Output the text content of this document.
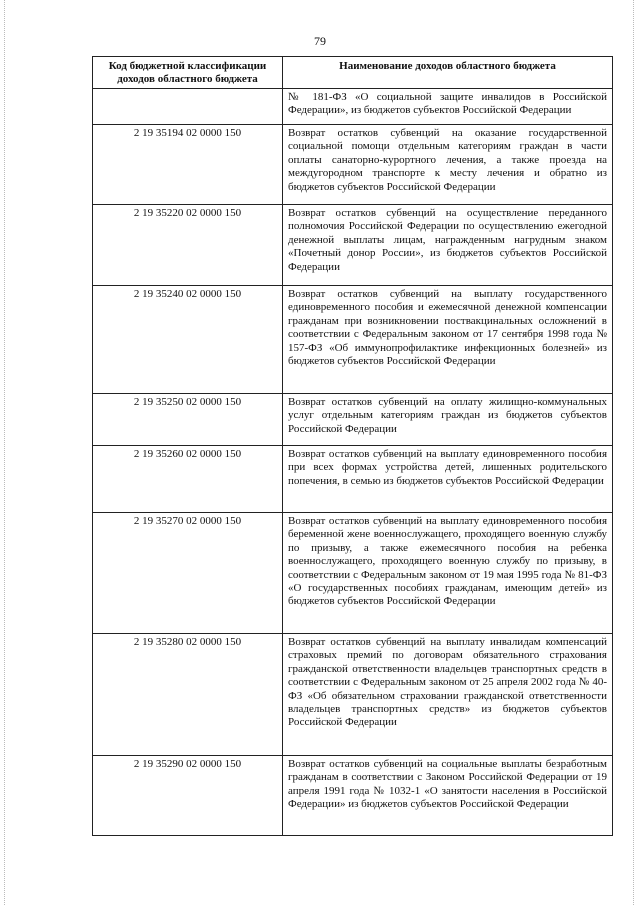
79
Код бюджетной классификации доходов областного бюджета	Наименование доходов областного бюджета
	№ 181-ФЗ «О социальной защите инвалидов в Российской Федерации», из бюджетов субъектов Российской Федерации
2 19 35194 02 0000 150	Возврат остатков субвенций на оказание государственной социальной помощи отдельным категориям граждан в части оплаты санаторно-курортного лечения, а также проезда на междугородном транспорте к месту лечения и обратно из бюджетов субъектов Российской Федерации
2 19 35220 02 0000 150	Возврат остатков субвенций на осуществление переданного полномочия Российской Федерации по осуществлению ежегодной денежной выплаты лицам, награжденным нагрудным знаком «Почетный донор России», из бюджетов субъектов Российской Федерации
2 19 35240 02 0000 150	Возврат остатков субвенций на выплату государственного единовременного пособия и ежемесячной денежной компенсации гражданам при возникновении поствакцинальных осложнений в соответствии с Федеральным законом от 17 сентября 1998 года № 157-ФЗ «Об иммунопрофилактике инфекционных болезней» из бюджетов субъектов Российской Федерации
2 19 35250 02 0000 150	Возврат остатков субвенций на оплату жилищно-коммунальных услуг отдельным категориям граждан из бюджетов субъектов Российской Федерации
2 19 35260 02 0000 150	Возврат остатков субвенций на выплату единовременного пособия при всех формах устройства детей, лишенных родительского попечения, в семью из бюджетов субъектов Российской Федерации
2 19 35270 02 0000 150	Возврат остатков субвенций на выплату единовременного пособия беременной жене военнослужащего, проходящего военную службу по призыву, а также ежемесячного пособия на ребенка военнослужащего, проходящего военную службу по призыву, в соответствии с Федеральным законом от 19 мая 1995 года № 81-ФЗ «О государственных пособиях гражданам, имеющим детей» из бюджетов субъектов Российской Федерации
2 19 35280 02 0000 150	Возврат остатков субвенций на выплату инвалидам компенсаций страховых премий по договорам обязательного страхования гражданской ответственности владельцев транспортных средств в соответствии с Федеральным законом от 25 апреля 2002 года № 40-ФЗ «Об обязательном страховании гражданской ответственности владельцев транспортных средств» из бюджетов субъектов Российской Федерации
2 19 35290 02 0000 150	Возврат остатков субвенций на социальные выплаты безработным гражданам в соответствии с Законом Российской Федерации от 19 апреля 1991 года № 1032-1 «О занятости населения в Российской Федерации» из бюджетов субъектов Российской Федерации
